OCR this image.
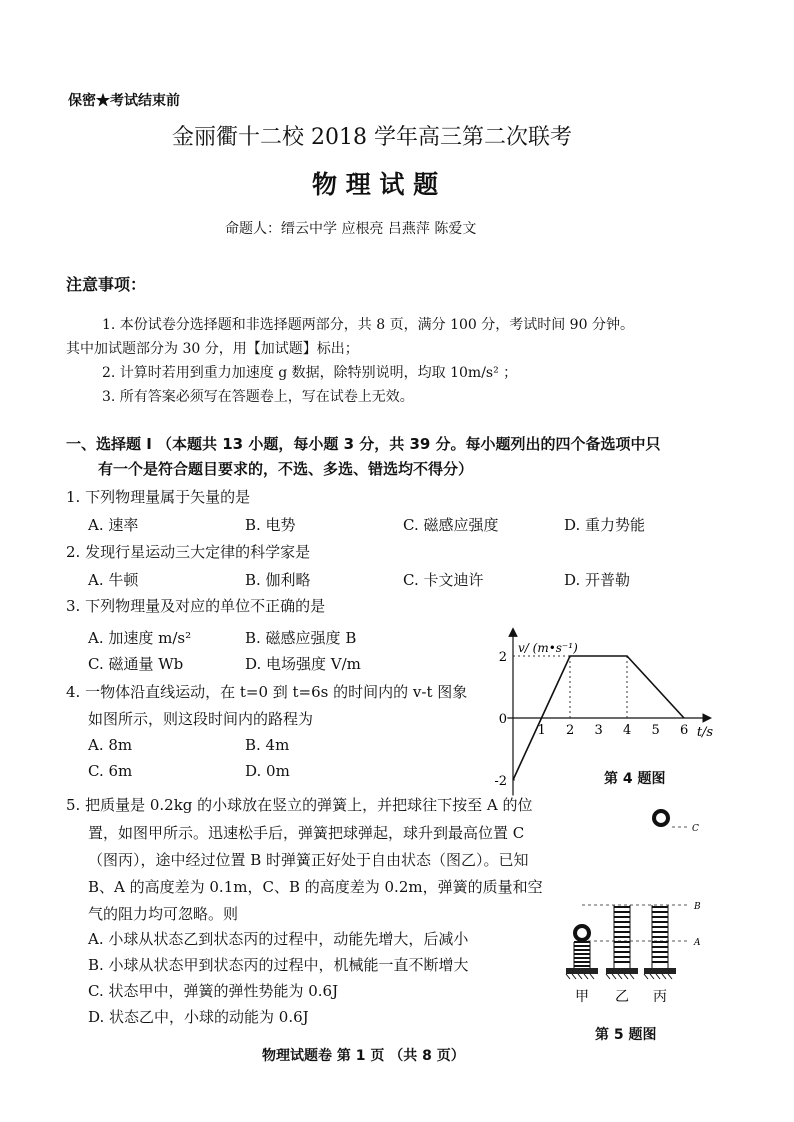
保密★考试结束前
金丽衢十二校 2018 学年高三第二次联考
物 理 试 题
命题人：缙云中学 应根亮 吕燕萍 陈爱文
注意事项：
1. 本份试卷分选择题和非选择题两部分，共 8 页，满分 100 分，考试时间 90 分钟。
其中加试题部分为 30 分，用【加试题】标出；
2. 计算时若用到重力加速度 g 数据，除特别说明，均取 10m/s² ；
3. 所有答案必须写在答题卷上，写在试卷上无效。
一、选择题 I （本题共 13 小题，每小题 3 分，共 39 分。每小题列出的四个备选项中只
有一个是符合题目要求的，不选、多选、错选均不得分）
1. 下列物理量属于矢量的是
A. 速率	B. 电势	C. 磁感应强度	D. 重力势能
2. 发现行星运动三大定律的科学家是
A. 牛顿	B. 伽利略	C. 卡文迪许	D. 开普勒
3. 下列物理量及对应的单位不正确的是
A. 加速度 m/s²	B. 磁感应强度 B
C. 磁通量 Wb	D. 电场强度 V/m
4. 一物体沿直线运动，在 t=0 到 t=6s 的时间内的 v-t 图象
如图所示，则这段时间内的路程为
A. 8m	B. 4m
C. 6m	D. 0m
2
0
-2
1 2 3 4 5 6
v/ (m•s⁻¹)
t/s
第 4 题图
5. 把质量是 0.2kg 的小球放在竖立的弹簧上，并把球往下按至 A 的位
置，如图甲所示。迅速松手后，弹簧把球弹起，球升到最高位置 C
（图丙），途中经过位置 B 时弹簧正好处于自由状态（图乙）。已知
B、A 的高度差为 0.1m，C、B 的高度差为 0.2m，弹簧的质量和空
气的阻力均可忽略。则
A. 小球从状态乙到状态丙的过程中，动能先增大，后减小
B. 小球从状态甲到状态丙的过程中，机械能一直不断增大
C. 状态甲中，弹簧的弹性势能为 0.6J
D. 状态乙中，小球的动能为 0.6J
C
B
A
甲 乙 丙
第 5 题图
物理试题卷 第 1 页 （共 8 页）
